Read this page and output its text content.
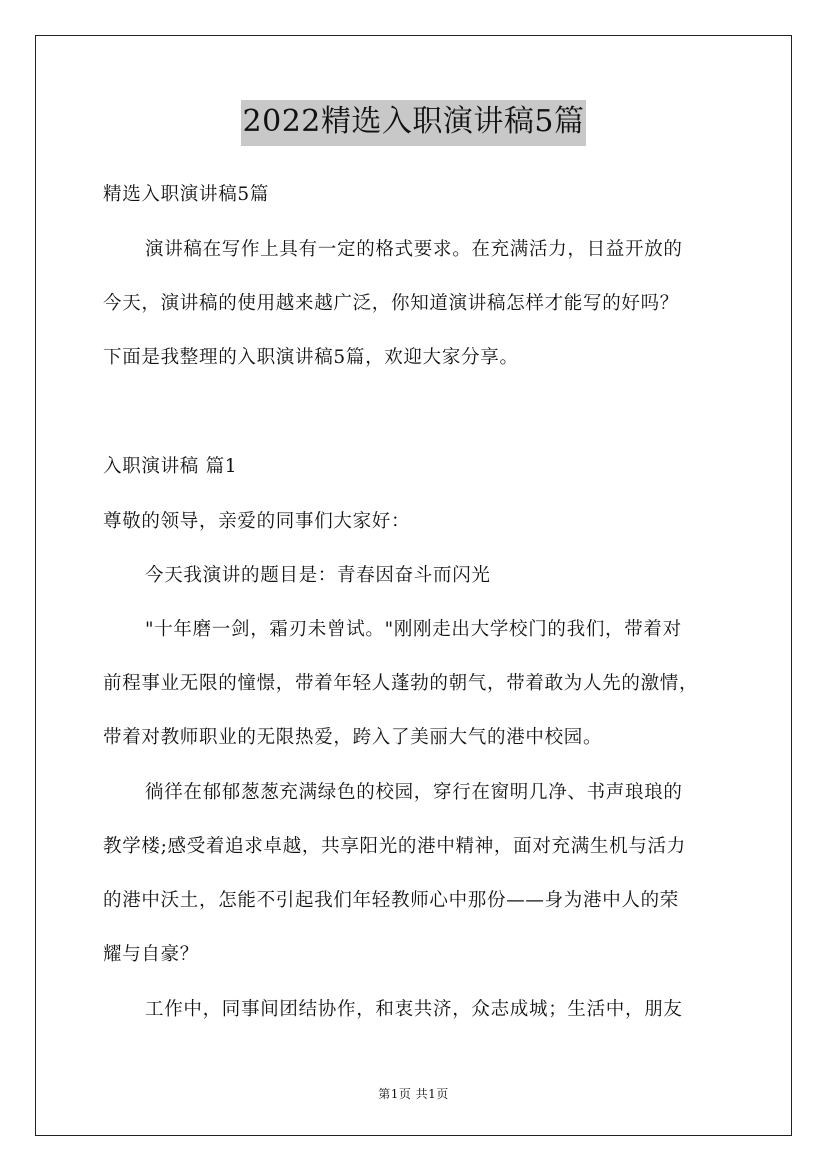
2022精选入职演讲稿5篇
精选入职演讲稿5篇
演讲稿在写作上具有一定的格式要求。在充满活力，日益开放的
今天，演讲稿的使用越来越广泛，你知道演讲稿怎样才能写的好吗？
下面是我整理的入职演讲稿5篇，欢迎大家分享。
入职演讲稿 篇1
尊敬的领导，亲爱的同事们大家好：
今天我演讲的题目是：青春因奋斗而闪光
"十年磨一剑，霜刃未曾试。"刚刚走出大学校门的我们，带着对
前程事业无限的憧憬，带着年轻人蓬勃的朝气，带着敢为人先的激情，
带着对教师职业的无限热爱，跨入了美丽大气的港中校园。
徜徉在郁郁葱葱充满绿色的校园，穿行在窗明几净、书声琅琅的
教学楼;感受着追求卓越，共享阳光的港中精神，面对充满生机与活力
的港中沃土，怎能不引起我们年轻教师心中那份——身为港中人的荣
耀与自豪？
工作中，同事间团结协作，和衷共济，众志成城；生活中，朋友
第1页 共1页
